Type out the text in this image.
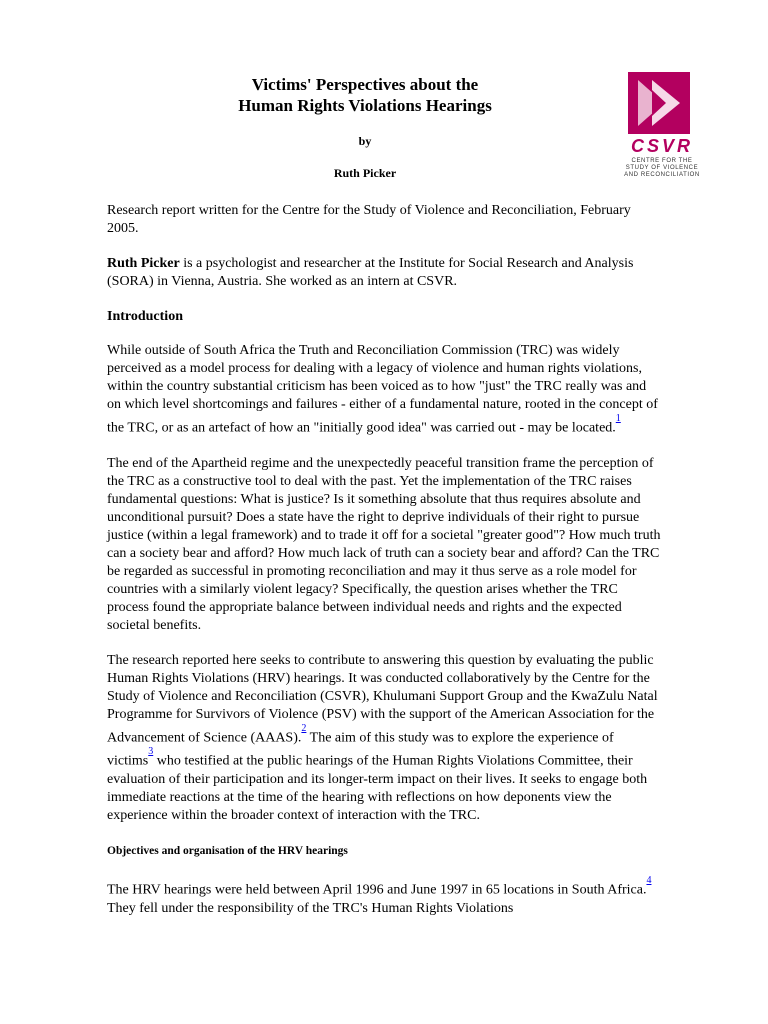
Victims' Perspectives about the
Human Rights Violations Hearings
by
Ruth Picker
CSVR
CENTRE FOR THE STUDY OF VIOLENCE AND RECONCILIATION

Research report written for the Centre for the Study of Violence and Reconciliation, February 2005.

Ruth Picker is a psychologist and researcher at the Institute for Social Research and Analysis (SORA) in Vienna, Austria. She worked as an intern at CSVR.

Introduction

While outside of South Africa the Truth and Reconciliation Commission (TRC) was widely perceived as a model process for dealing with a legacy of violence and human rights violations, within the country substantial criticism has been voiced as to how "just" the TRC really was and on which level shortcomings and failures - either of a fundamental nature, rooted in the concept of the TRC, or as an artefact of how an "initially good idea" was carried out - may be located.$^1$

The end of the Apartheid regime and the unexpectedly peaceful transition frame the perception of the TRC as a constructive tool to deal with the past. Yet the implementation of the TRC raises fundamental questions: What is justice? Is it something absolute that thus requires absolute and unconditional pursuit? Does a state have the right to deprive individuals of their right to pursue justice (within a legal framework) and to trade it off for a societal "greater good"? How much truth can a society bear and afford? How much lack of truth can a society bear and afford? Can the TRC be regarded as successful in promoting reconciliation and may it thus serve as a role model for countries with a similarly violent legacy? Specifically, the question arises whether the TRC process found the appropriate balance between individual needs and rights and the expected societal benefits.

The research reported here seeks to contribute to answering this question by evaluating the public Human Rights Violations (HRV) hearings. It was conducted collaboratively by the Centre for the Study of Violence and Reconciliation (CSVR), Khulumani Support Group and the KwaZulu Natal Programme for Survivors of Violence (PSV) with the support of the American Association for the Advancement of Science (AAAS).$^2$ The aim of this study was to explore the experience of victims$^3$ who testified at the public hearings of the Human Rights Violations Committee, their evaluation of their participation and its longer-term impact on their lives. It seeks to engage both immediate reactions at the time of the hearing with reflections on how deponents view the experience within the broader context of interaction with the TRC.

Objectives and organisation of the HRV hearings

The HRV hearings were held between April 1996 and June 1997 in 65 locations in South Africa.$^4$ They fell under the responsibility of the TRC's Human Rights Violations
